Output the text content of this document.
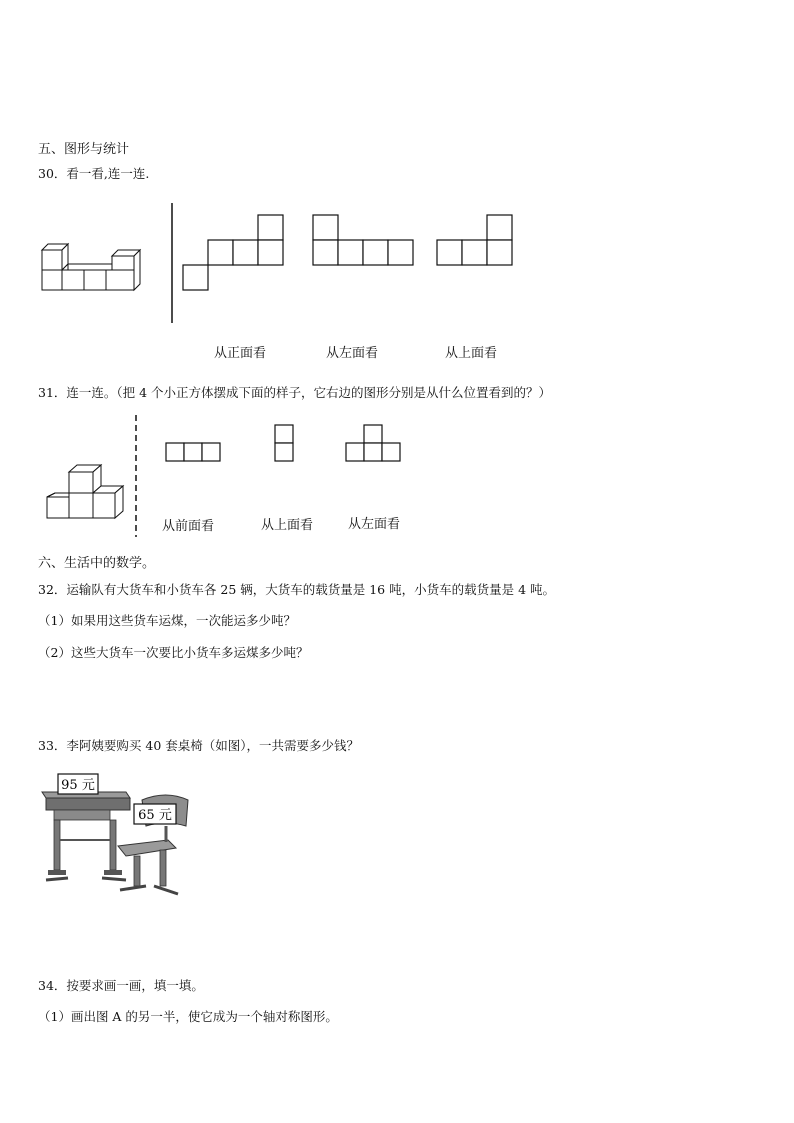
五、图形与统计
30．看一看,连一连.
从正面看	从左面看	从上面看
31．连一连。（把 4 个小正方体摆成下面的样子，它右边的图形分别是从什么位置看到的？）
从前面看	从上面看	从左面看
六、生活中的数学。
32．运输队有大货车和小货车各 25 辆，大货车的载货量是 16 吨，小货车的载货量是 4 吨。
（1）如果用这些货车运煤，一次能运多少吨？
（2）这些大货车一次要比小货车多运煤多少吨？
33．李阿姨要购买 40 套桌椅（如图），一共需要多少钱？
95 元
65 元
34．按要求画一画，填一填。
（1）画出图 A 的另一半，使它成为一个轴对称图形。
